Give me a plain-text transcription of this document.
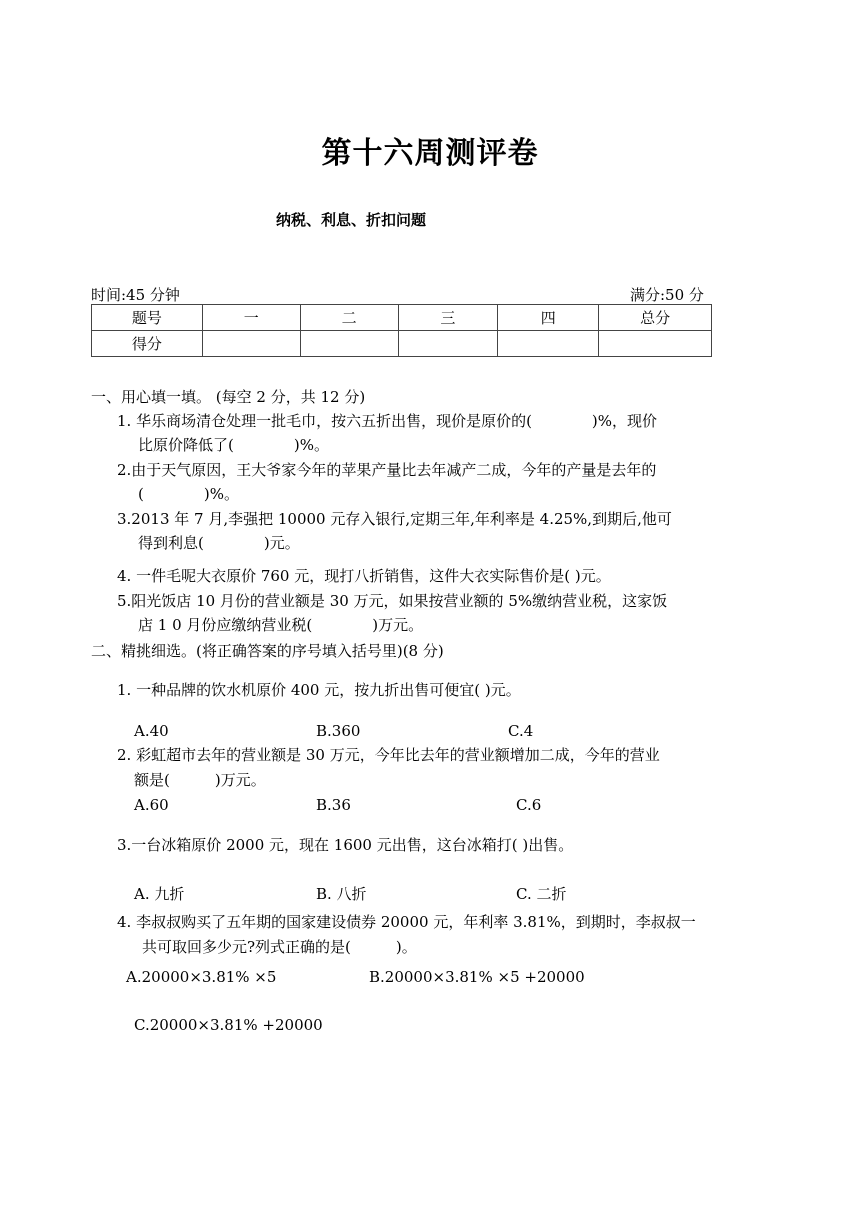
第十六周测评卷
纳税、利息、折扣问题
时间:45 分钟	满分:50 分
题号	一	二	三	四	总分
得分					
一、用心填一填。 (每空 2 分，共 12 分)
1. 华乐商场清仓处理一批毛巾，按六五折出售，现价是原价的(　　　　)%，现价
比原价降低了(　　　　)%。
2.由于天气原因，王大爷家今年的苹果产量比去年减产二成，今年的产量是去年的
(　　　　)%。
3.2013 年 7 月,李强把 10000 元存入银行,定期三年,年利率是 4.25%,到期后,他可
得到利息(　　　　)元。
4. 一件毛呢大衣原价 760 元，现打八折销售，这件大衣实际售价是( )元。
5.阳光饭店 10 月份的营业额是 30 万元，如果按营业额的 5%缴纳营业税，这家饭
店 1 0 月份应缴纳营业税(　　　　)万元。
二、精挑细选。(将正确答案的序号填入括号里)(8 分)
1. 一种品牌的饮水机原价 400 元，按九折出售可便宜( )元。
A.40	B.360	C.4
2. 彩虹超市去年的营业额是 30 万元，今年比去年的营业额增加二成，今年的营业
额是(　　　)万元。
A.60	B.36	C.6
3.一台冰箱原价 2000 元，现在 1600 元出售，这台冰箱打( )出售。
A. 九折	B. 八折	C. 二折
4. 李叔叔购买了五年期的国家建设债券 20000 元，年利率 3.81%，到期时，李叔叔一
共可取回多少元?列式正确的是(　　　)。
A.20000×3.81% ×5	B.20000×3.81% ×5 +20000
C.20000×3.81% +20000
